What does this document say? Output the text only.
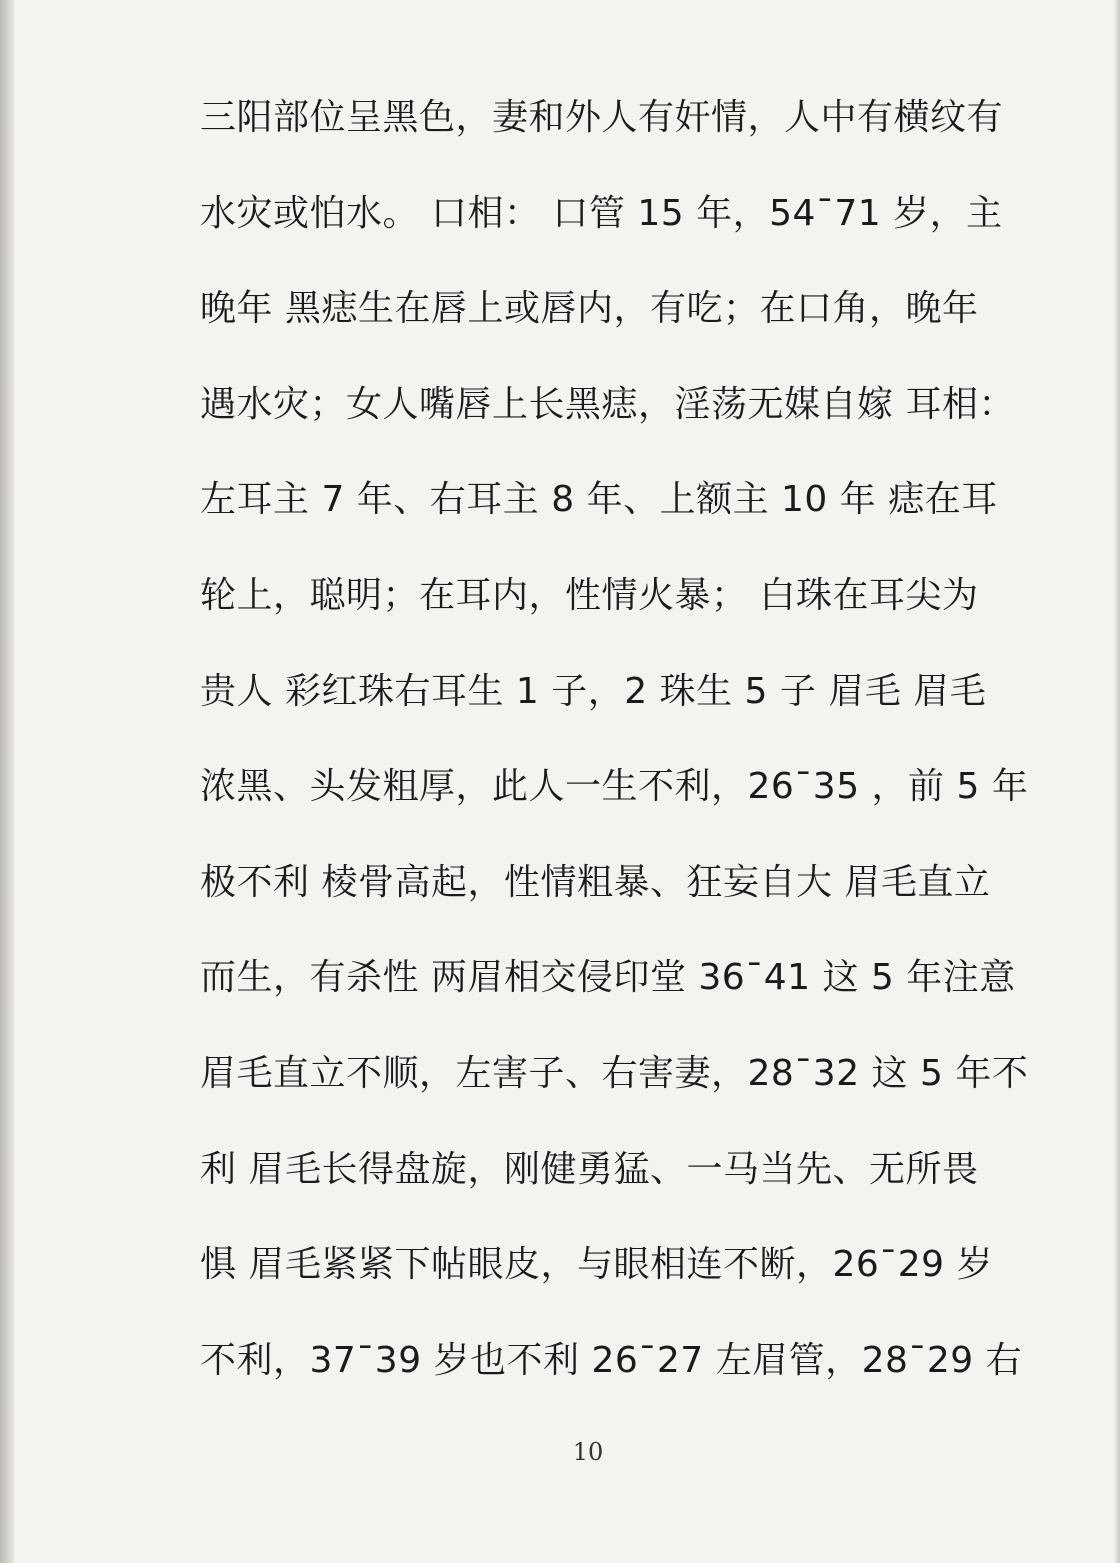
三阳部位呈黑色，妻和外人有奸情，人中有横纹有
水灾或怕水。 口相： 口管 15 年，54¯71 岁，主
晚年 黑痣生在唇上或唇内，有吃；在口角，晚年
遇水灾；女人嘴唇上长黑痣，淫荡无媒自嫁 耳相：
左耳主 7 年、右耳主 8 年、上额主 10 年 痣在耳
轮上，聪明；在耳内，性情火暴； 白珠在耳尖为
贵人 彩红珠右耳生 1 子，2 珠生 5 子 眉毛 眉毛
浓黑、头发粗厚，此人一生不利，26¯35 ，前 5 年
极不利 棱骨高起，性情粗暴、狂妄自大 眉毛直立
而生，有杀性 两眉相交侵印堂 36¯41 这 5 年注意
眉毛直立不顺，左害子、右害妻，28¯32 这 5 年不
利 眉毛长得盘旋，刚健勇猛、一马当先、无所畏
惧 眉毛紧紧下帖眼皮，与眼相连不断，26¯29 岁
不利，37¯39 岁也不利 26¯27 左眉管，28¯29 右
10
